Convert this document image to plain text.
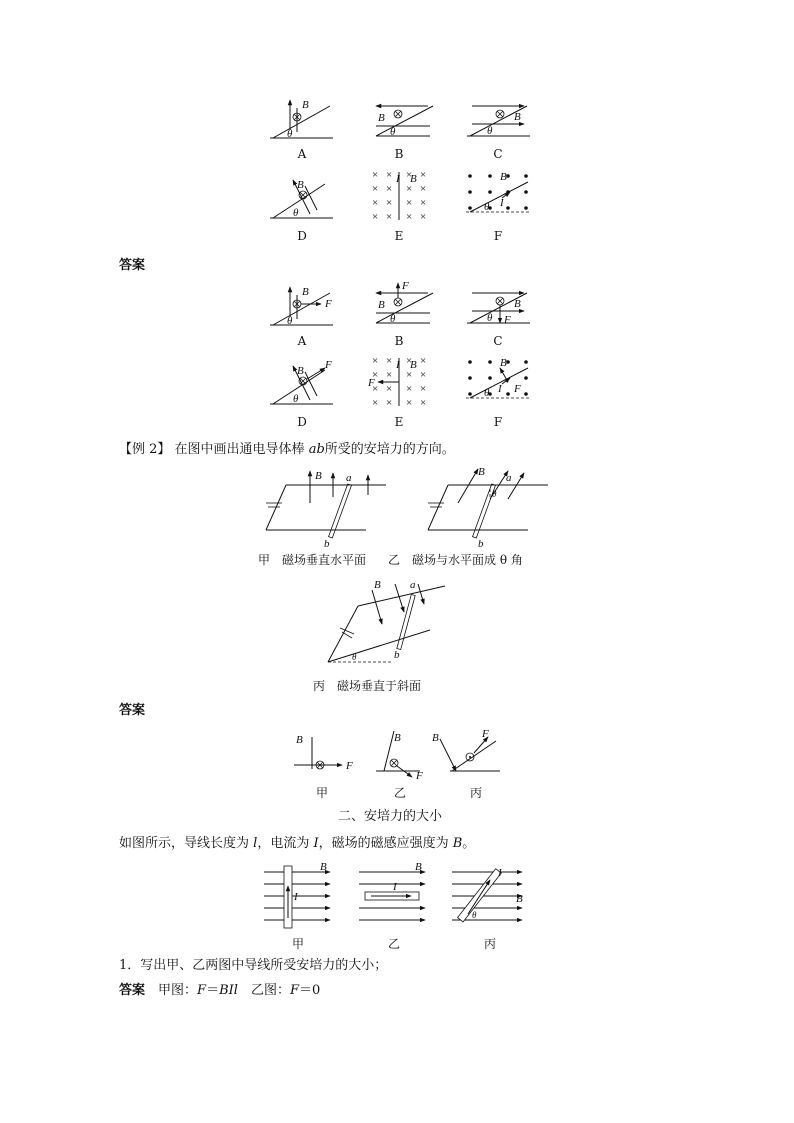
B
θ
A
B
θ
B
B
θ
C
B
θ
D
× × × ×
× × × ×
× × × ×
× × × ×
I B
E
B
I
θ
F
答案
B
F
θ
A
F
B
θ
B
B
F
θ
C
B F
θ
D
× × × ×
× × × ×
× × × ×
× × × ×
F
I B
E
B
F
I
θ
F
【例 2】 在图中画出通电导体棒 ab所受的安培力的方向。
B a
b
甲　磁场垂直水平面
B a
θ
b
乙　磁场与水平面成 θ 角
B	a
θ	b
丙　磁场垂直于斜面
答案
B
F
甲
B
F
乙
B	F
丙
二、安培力的大小
如图所示，导线长度为 l，电流为 I，磁场的磁感应强度为 B。
B
I
甲
B
I
乙
I
B
θ
丙
1．写出甲、乙两图中导线所受安培力的大小；
答案　 甲图：F＝BIl　乙图：F＝0
